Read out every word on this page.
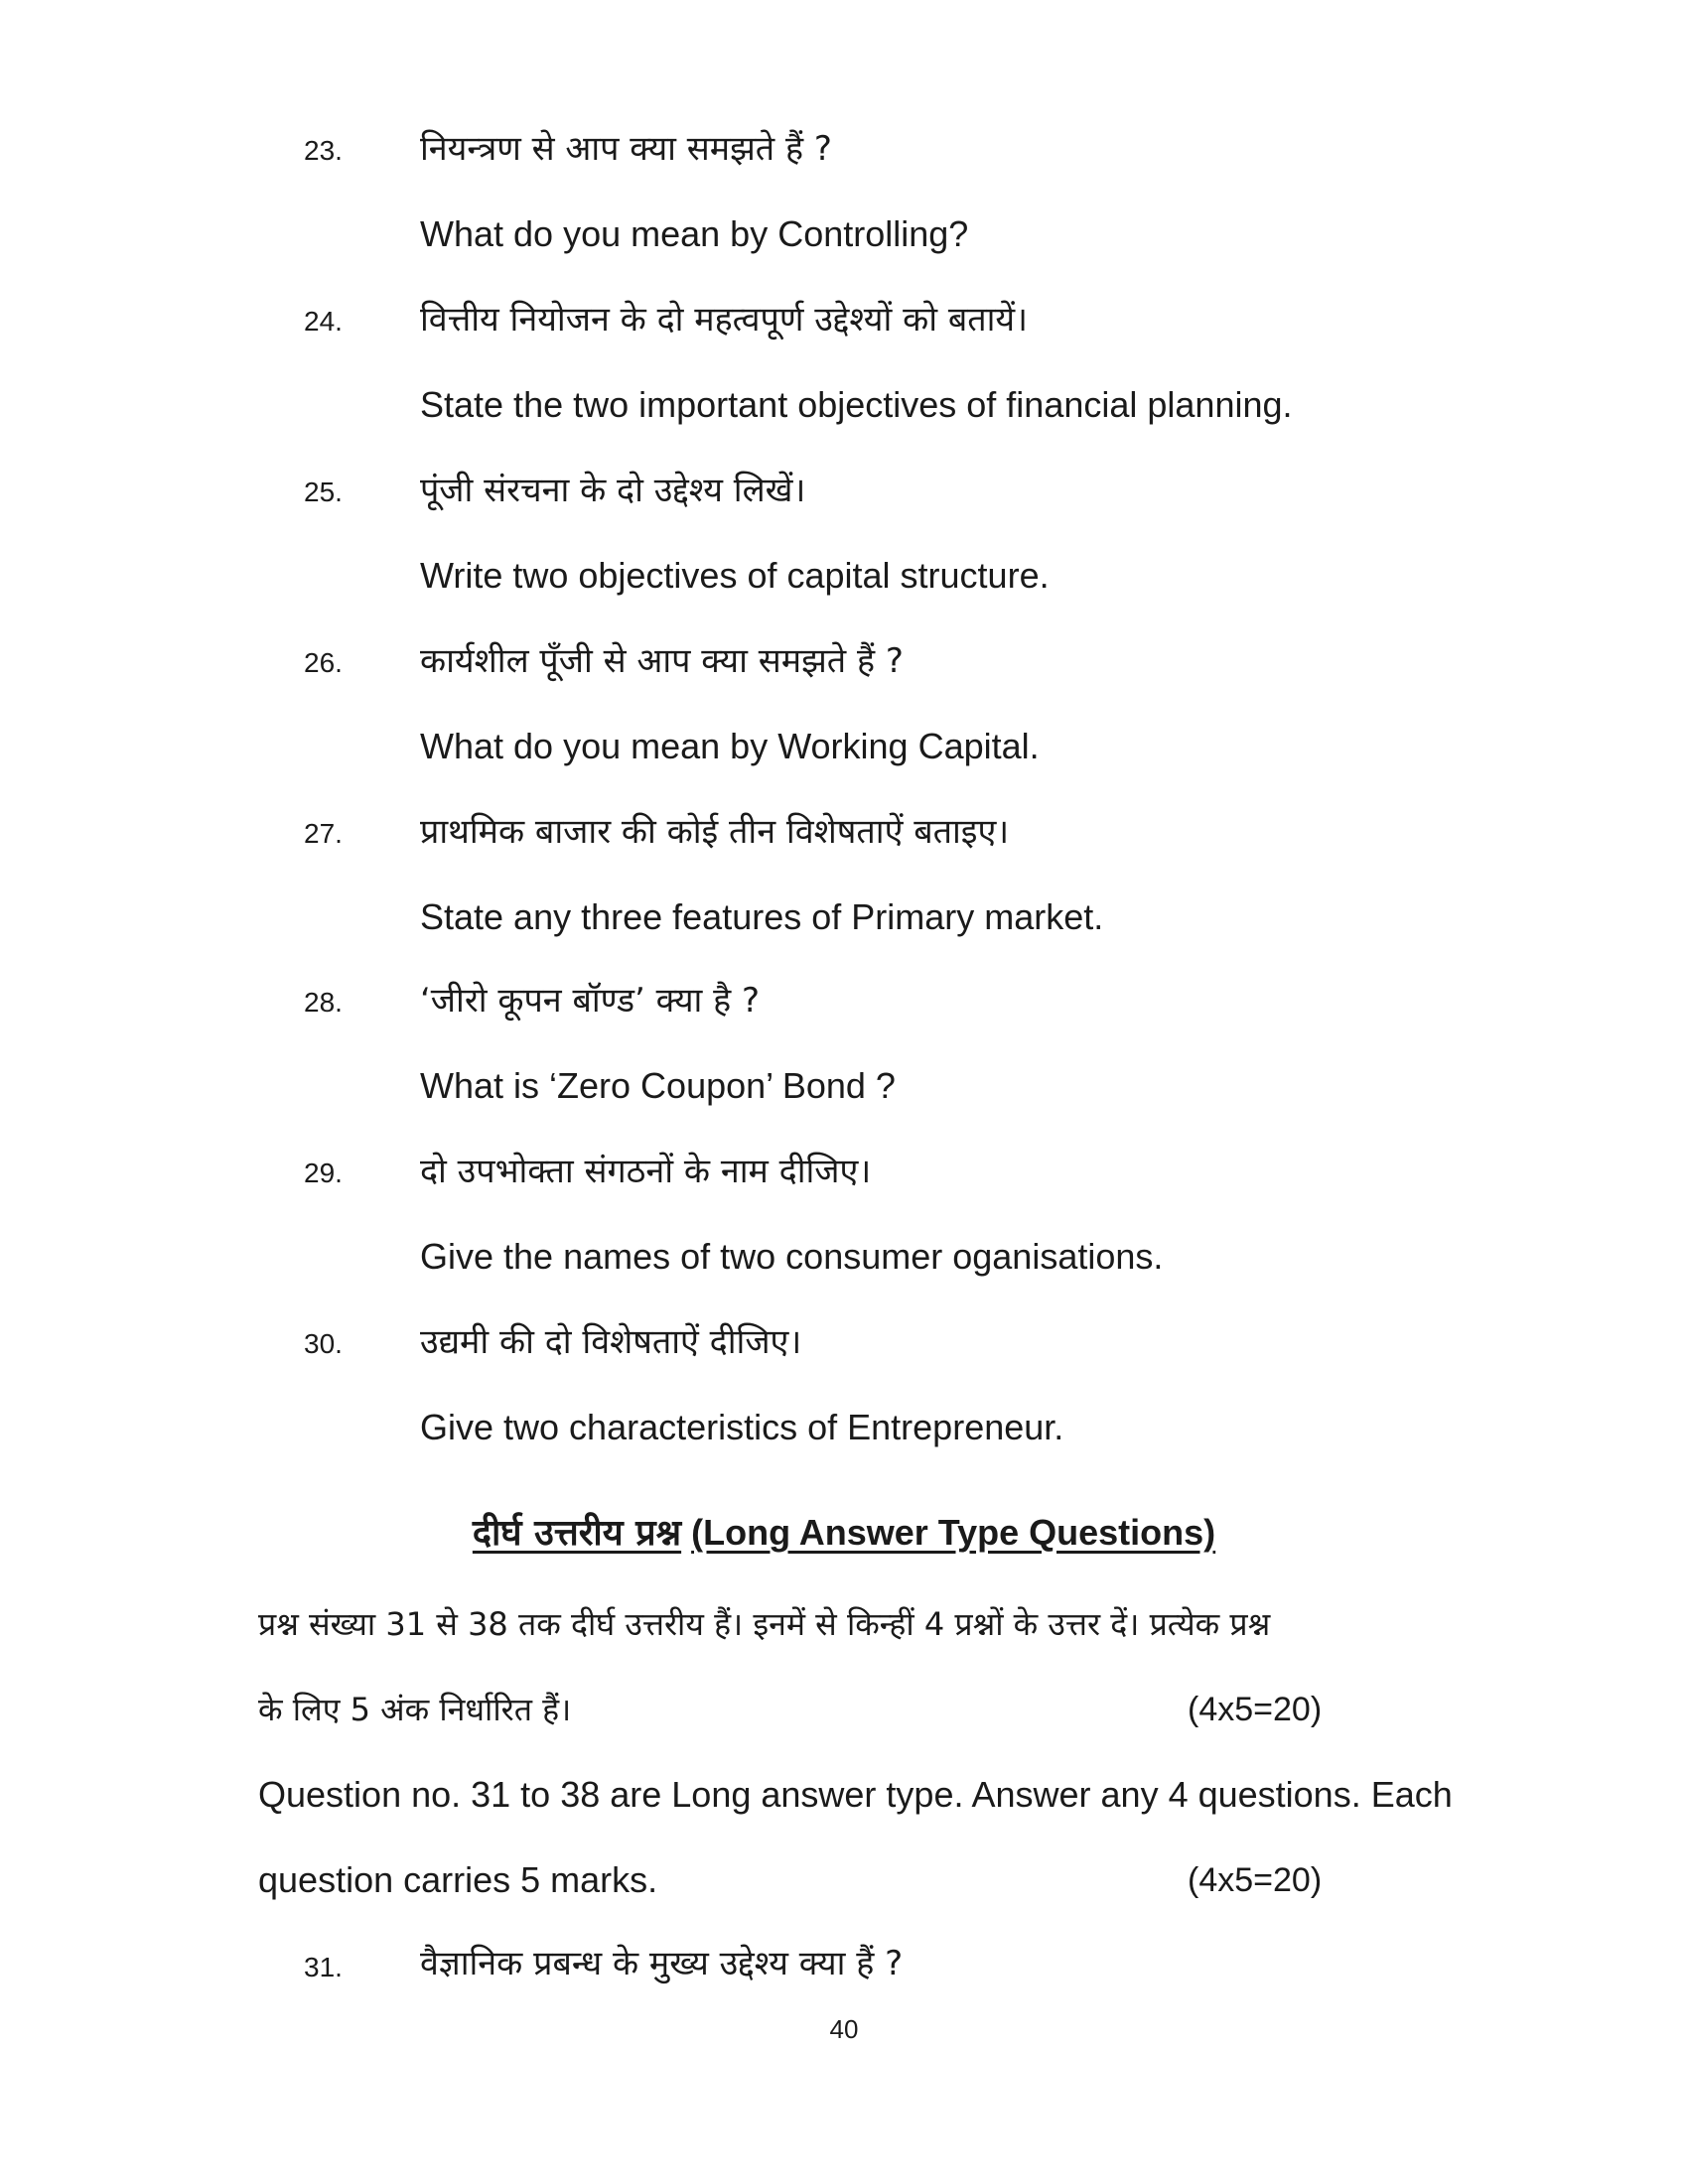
23. नियन्त्रण से आप क्या समझते हैं ?
What do you mean by Controlling?
24. वित्तीय नियोजन के दो महत्वपूर्ण उद्देश्यों को बतायें।
State the two important objectives of financial planning.
25. पूंजी संरचना के दो उद्देश्य लिखें।
Write two objectives of capital structure.
26. कार्यशील पूँजी से आप क्या समझते हैं ?
What do you mean by Working Capital.
27. प्राथमिक बाजार की कोई तीन विशेषताऐं बताइए।
State any three features of Primary market.
28. ‘जीरो कूपन बॉण्ड’ क्या है ?
What is ‘Zero Coupon’ Bond ?
29. दो उपभोक्ता संगठनों के नाम दीजिए।
Give the names of two consumer oganisations.
30. उद्यमी की दो विशेषताऐं दीजिए।
Give two characteristics of Entrepreneur.
दीर्घ उत्तरीय प्रश्न (Long Answer Type Questions)
प्रश्न संख्या 31 से 38 तक दीर्घ उत्तरीय हैं। इनमें से किन्हीं 4 प्रश्नों के उत्तर दें। प्रत्येक प्रश्न
के लिए 5 अंक निर्धारित हैं।	(4x5=20)
Question no. 31 to 38 are Long answer type. Answer any 4 questions. Each
question carries 5 marks.	(4x5=20)
31. वैज्ञानिक प्रबन्ध के मुख्य उद्देश्य क्या हैं ?
40
